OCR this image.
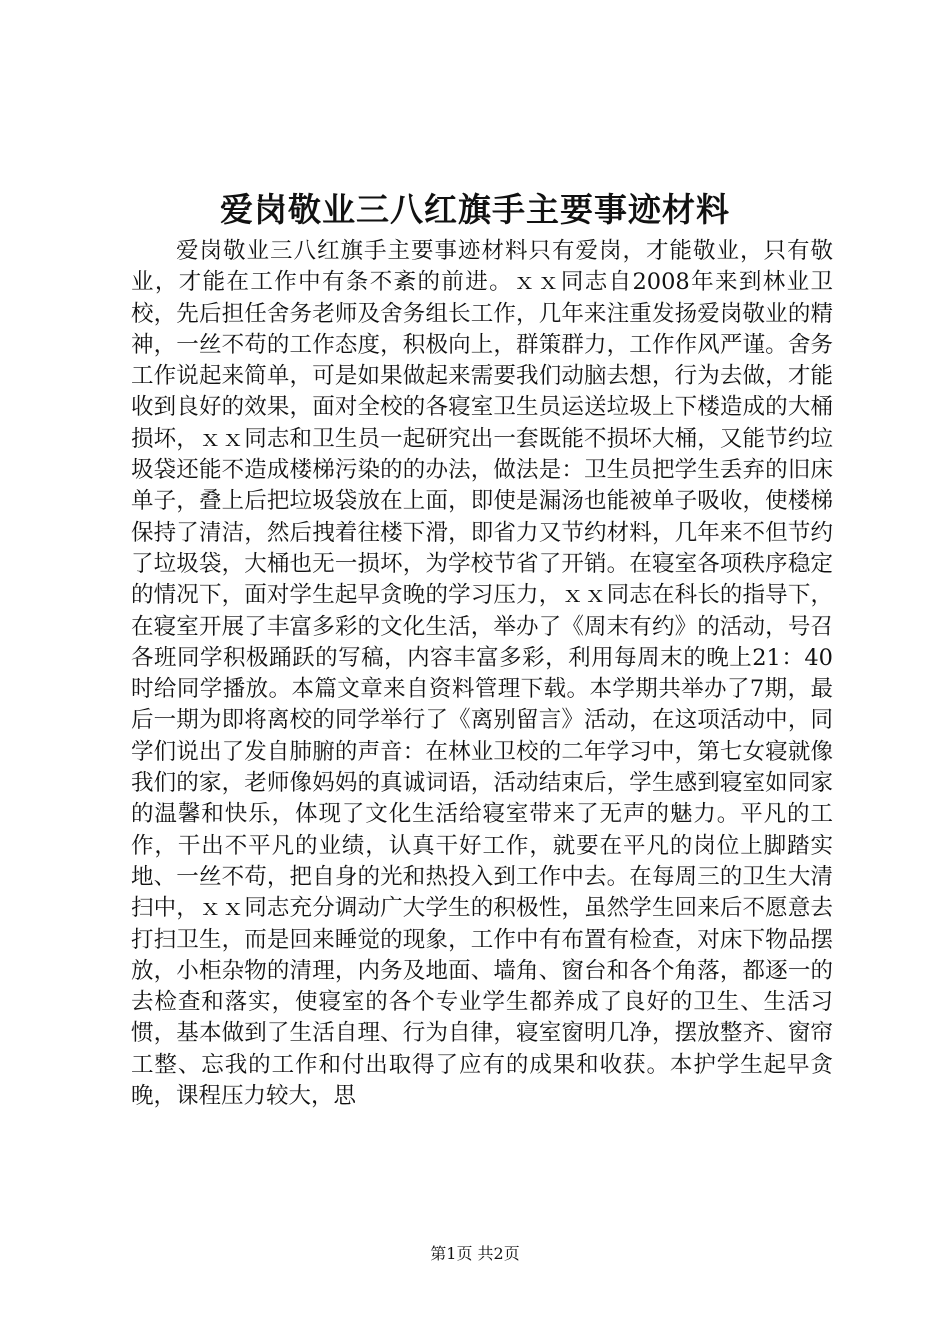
爱岗敬业三八红旗手主要事迹材料

爱岗敬业三八红旗手主要事迹材料只有爱岗，才能敬业，只有敬业，才能在工作中有条不紊的前进。ｘｘ同志自2008年来到林业卫校，先后担任舍务老师及舍务组长工作，几年来注重发扬爱岗敬业的精神，一丝不苟的工作态度，积极向上，群策群力，工作作风严谨。舍务工作说起来简单，可是如果做起来需要我们动脑去想，行为去做，才能收到良好的效果，面对全校的各寝室卫生员运送垃圾上下楼造成的大桶损坏，ｘｘ同志和卫生员一起研究出一套既能不损坏大桶，又能节约垃圾袋还能不造成楼梯污染的的办法，做法是：卫生员把学生丢弃的旧床单子，叠上后把垃圾袋放在上面，即使是漏汤也能被单子吸收，使楼梯保持了清洁，然后拽着往楼下滑，即省力又节约材料，几年来不但节约了垃圾袋，大桶也无一损坏，为学校节省了开销。在寝室各项秩序稳定的情况下，面对学生起早贪晚的学习压力，ｘｘ同志在科长的指导下，在寝室开展了丰富多彩的文化生活，举办了《周末有约》的活动，号召各班同学积极踊跃的写稿，内容丰富多彩，利用每周末的晚上21：40时给同学播放。本篇文章来自资料管理下载。本学期共举办了7期，最后一期为即将离校的同学举行了《离别留言》活动，在这项活动中，同学们说出了发自肺腑的声音：在林业卫校的二年学习中，第七女寝就像我们的家，老师像妈妈的真诚词语，活动结束后，学生感到寝室如同家的温馨和快乐，体现了文化生活给寝室带来了无声的魅力。平凡的工作，干出不平凡的业绩，认真干好工作，就要在平凡的岗位上脚踏实地、一丝不苟，把自身的光和热投入到工作中去。在每周三的卫生大清扫中，ｘｘ同志充分调动广大学生的积极性，虽然学生回来后不愿意去打扫卫生，而是回来睡觉的现象，工作中有布置有检查，对床下物品摆放，小柜杂物的清理，内务及地面、墙角、窗台和各个角落，都逐一的去检查和落实，使寝室的各个专业学生都养成了良好的卫生、生活习惯，基本做到了生活自理、行为自律，寝室窗明几净，摆放整齐、窗帘工整、忘我的工作和付出取得了应有的成果和收获。本护学生起早贪晚，课程压力较大，思

第1页 共2页
